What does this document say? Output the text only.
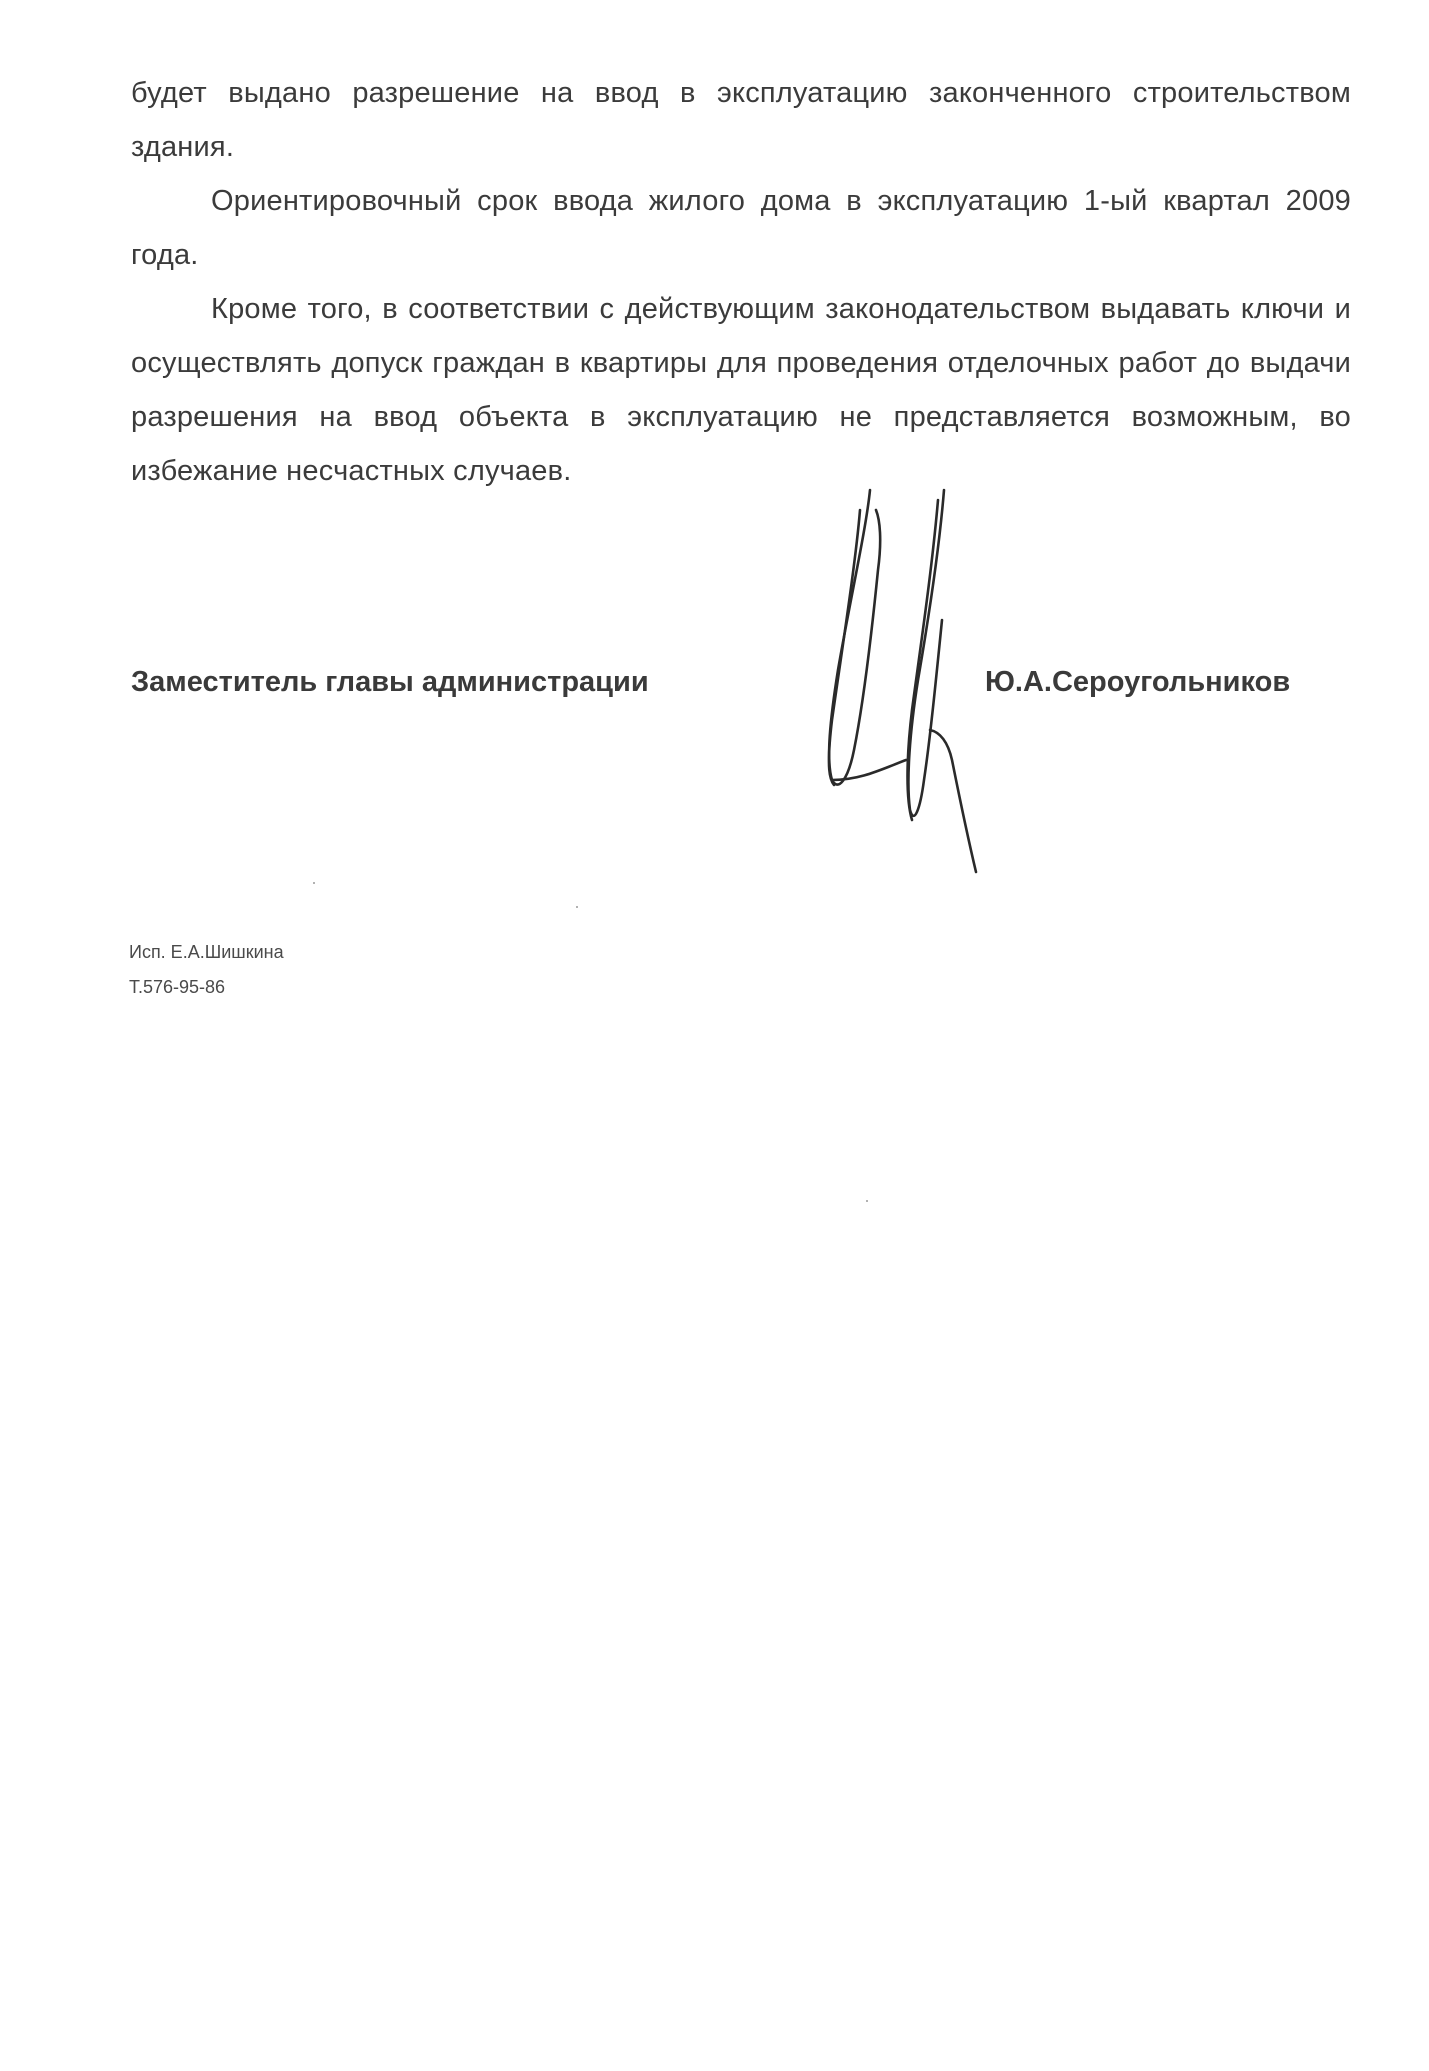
будет выдано разрешение на ввод в эксплуатацию законченного строительством здания.

Ориентировочный срок ввода жилого дома в эксплуатацию 1-ый квартал 2009 года.

Кроме того, в соответствии с действующим законодательством выдавать ключи и осуществлять допуск граждан в квартиры для проведения отделочных работ до выдачи разрешения на ввод объекта в эксплуатацию не представляется возможным, во избежание несчастных случаев.

Заместитель главы администрации	Ю.А.Сероугольников
Исп. Е.А.Шишкина
Т.576-95-86
